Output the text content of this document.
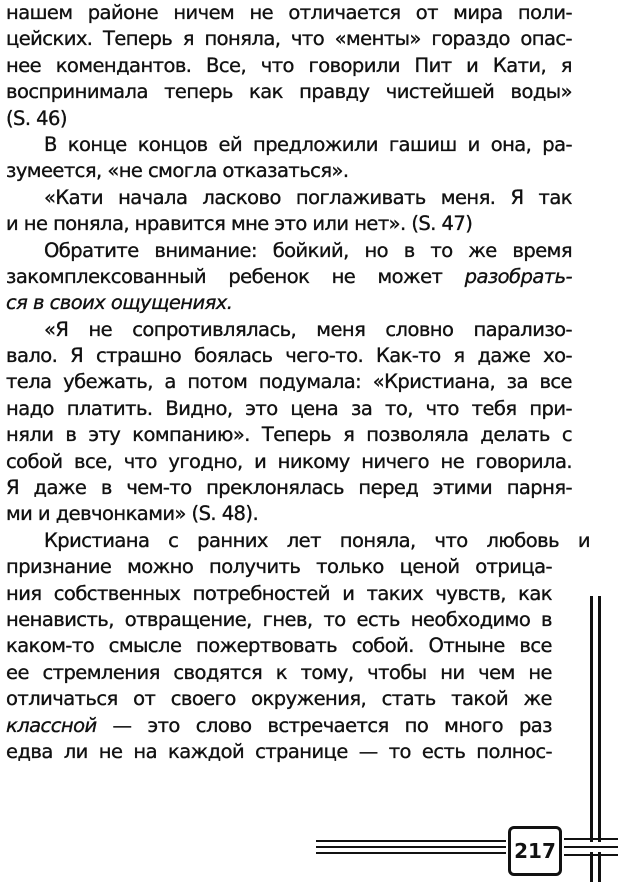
нашем районе ничем не отличается от мира поли-
цейских. Теперь я поняла, что «менты» гораздо опас-
нее комендантов. Все, что говорили Пит и Кати, я
воспринимала теперь как правду чистейшей воды»
(S. 46)
В конце концов ей предложили гашиш и она, ра-
зумеется, «не смогла отказаться».
«Кати начала ласково поглаживать меня. Я так
и не поняла, нравится мне это или нет». (S. 47)
Обратите внимание: бойкий, но в то же время
закомплексованный ребенок не может разобрать-
ся в своих ощущениях.
«Я не сопротивлялась, меня словно парализо-
вало. Я страшно боялась чего-то. Как-то я даже хо-
тела убежать, а потом подумала: «Кристиана, за все
надо платить. Видно, это цена за то, что тебя при-
няли в эту компанию». Теперь я позволяла делать с
собой все, что угодно, и никому ничего не говорила.
Я даже в чем-то преклонялась перед этими парня-
ми и девчонками» (S. 48).
Кристиана с ранних лет поняла, что любовь и
признание можно получить только ценой отрица-
ния собственных потребностей и таких чувств, как
ненависть, отвращение, гнев, то есть необходимо в
каком-то смысле пожертвовать собой. Отныне все
ее стремления сводятся к тому, чтобы ни чем не
отличаться от своего окружения, стать такой же
классной — это слово встречается по много раз
едва ли не на каждой странице — то есть полнос-
217
